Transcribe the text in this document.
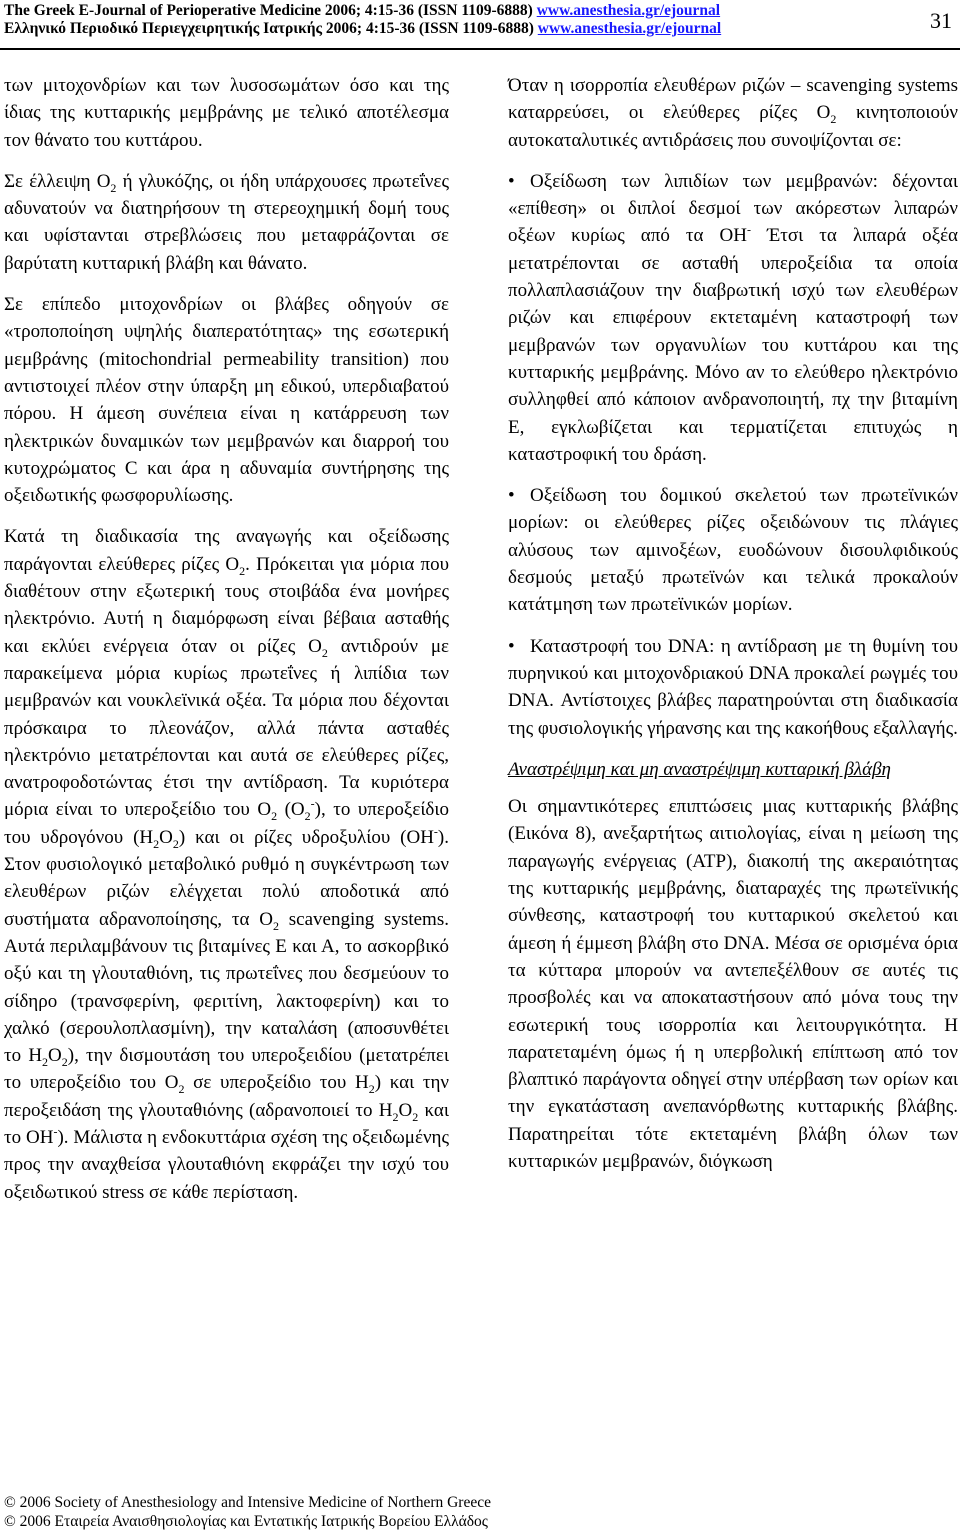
The Greek E-Journal of Perioperative Medicine 2006; 4:15-36 (ISSN 1109-6888) www.anesthesia.gr/ejournal
Ελληνικό Περιοδικό Περιεγχειρητικής Ιατρικής 2006; 4:15-36 (ISSN 1109-6888) www.anesthesia.gr/ejournal	31

των μιτοχονδρίων και των λυσοσωμάτων όσο και της ίδιας της κυτταρικής μεμβράνης με τελικό αποτέλεσμα τον θάνατο του κυττάρου.

Σε έλλειψη $O_2$ ή γλυκόζης, οι ήδη υπάρχουσες πρωτεΐνες αδυνατούν να διατηρήσουν τη στερεοχημική δομή τους και υφίστανται στρεβλώσεις που μεταφράζονται σε βαρύτατη κυτταρική βλάβη και θάνατο.

Σε επίπεδο μιτοχονδρίων οι βλάβες οδηγούν σε «τροποποίηση υψηλής διαπερατότητας» της εσωτερική μεμβράνης (mitochondrial permeability transition) που αντιστοιχεί πλέον στην ύπαρξη μη εδικού, υπερδιαβατού πόρου. Η άμεση συνέπεια είναι η κατάρρευση των ηλεκτρικών δυναμικών των μεμβρανών και διαρροή του κυτοχρώματος C και άρα η αδυναμία συντήρησης της οξειδωτικής φωσφορυλίωσης.

Κατά τη διαδικασία της αναγωγής και οξείδωσης παράγονται ελεύθερες ρίζες $O_2$. Πρόκειται για μόρια που διαθέτουν στην εξωτερική τους στοιβάδα ένα μονήρες ηλεκτρόνιο. Αυτή η διαμόρφωση είναι βέβαια ασταθής και εκλύει ενέργεια όταν οι ρίζες $O_2$ αντιδρούν με παρακείμενα μόρια κυρίως πρωτεΐνες ή λιπίδια των μεμβρανών και νουκλεϊνικά οξέα. Τα μόρια που δέχονται πρόσκαιρα το πλεονάζον, αλλά πάντα ασταθές ηλεκτρόνιο μετατρέπονται και αυτά σε ελεύθερες ρίζες, ανατροφοδοτώντας έτσι την αντίδραση. Τα κυριότερα μόρια είναι το υπεροξείδιο του $O_2$ $(O_2^-)$, το υπεροξείδιο του υδρογόνου $(H_2O_2)$ και οι ρίζες υδροξυλίου (OH-). Στον φυσιολογικό μεταβολικό ρυθμό η συγκέντρωση των ελευθέρων ριζών ελέγχεται πολύ αποδοτικά από συστήματα αδρανοποίησης, τα $O_2$ scavenging systems. Αυτά περιλαμβάνουν τις βιταμίνες Ε και Α, το ασκορβικό οξύ και τη γλουταθιόνη, τις πρωτεΐνες που δεσμεύουν το σίδηρο (τρανσφερίνη, φεριτίνη, λακτοφερίνη) και το χαλκό (σερουλοπλασμίνη), την καταλάση (αποσυνθέτει το $H_2O_2$), την δισμουτάση του υπεροξειδίου (μετατρέπει το υπεροξείδιο του $O_2$ σε υπεροξείδιο του $H_2$) και την περοξειδάση της γλουταθιόνης (αδρανοποιεί το $H_2O_2$ και το OH-). Μάλιστα η ενδοκυττάρια σχέση της οξειδωμένης προς την αναχθείσα γλουταθιόνη εκφράζει την ισχύ του οξειδωτικού stress σε κάθε περίσταση.

Όταν η ισορροπία ελευθέρων ριζών – scavenging systems καταρρεύσει, οι ελεύθερες ρίζες $O_2$ κινητοποιούν αυτοκαταλυτικές αντιδράσεις που συνοψίζονται σε:

• Οξείδωση των λιπιδίων των μεμβρανών: δέχονται «επίθεση» οι διπλοί δεσμοί των ακόρεστων λιπαρών οξέων κυρίως από τα OH- Έτσι τα λιπαρά οξέα μετατρέπονται σε ασταθή υπεροξείδια τα οποία πολλαπλασιάζουν την διαβρωτική ισχύ των ελευθέρων ριζών και επιφέρουν εκτεταμένη καταστροφή των μεμβρανών των οργανυλίων του κυττάρου και της κυτταρικής μεμβράνης. Μόνο αν το ελεύθερο ηλεκτρόνιο συλληφθεί από κάποιον ανδρανοποιητή, πχ την βιταμίνη Ε, εγκλωβίζεται και τερματίζεται επιτυχώς η καταστροφική του δράση.
• Οξείδωση του δομικού σκελετού των πρωτεϊνικών μορίων: οι ελεύθερες ρίζες οξειδώνουν τις πλάγιες αλύσους των αμινοξέων, ευοδώνουν δισουλφιδικούς δεσμούς μεταξύ πρωτεϊνών και τελικά προκαλούν κατάτμηση των πρωτεϊνικών μορίων.
• Καταστροφή του DNA: η αντίδραση με τη θυμίνη του πυρηνικού και μιτοχονδριακού DNA προκαλεί ρωγμές του DNA. Αντίστοιχες βλάβες παρατηρούνται στη διαδικασία της φυσιολογικής γήρανσης και της κακοήθους εξαλλαγής.
Αναστρέψιμη και μη αναστρέψιμη κυτταρική βλάβη

Οι σημαντικότερες επιπτώσεις μιας κυτταρικής βλάβης (Εικόνα 8), ανεξαρτήτως αιτιολογίας, είναι η μείωση της παραγωγής ενέργειας (ATP), διακοπή της ακεραιότητας της κυτταρικής μεμβράνης, διαταραχές της πρωτεϊνικής σύνθεσης, καταστροφή του κυτταρικού σκελετού και άμεση ή έμμεση βλάβη στο DNA. Μέσα σε ορισμένα όρια τα κύτταρα μπορούν να αντεπεξέλθουν σε αυτές τις προσβολές και να αποκαταστήσουν από μόνα τους την εσωτερική τους ισορροπία και λειτουργικότητα. Η παρατεταμένη όμως ή η υπερβολική επίπτωση από τον βλαπτικό παράγοντα οδηγεί στην υπέρβαση των ορίων και την εγκατάσταση ανεπανόρθωτης κυτταρικής βλάβης. Παρατηρείται τότε εκτεταμένη βλάβη όλων των κυτταρικών μεμβρανών, διόγκωση

© 2006 Society of Anesthesiology and Intensive Medicine of Northern Greece
© 2006 Εταιρεία Αναισθησιολογίας και Εντατικής Ιατρικής Βορείου Ελλάδος
